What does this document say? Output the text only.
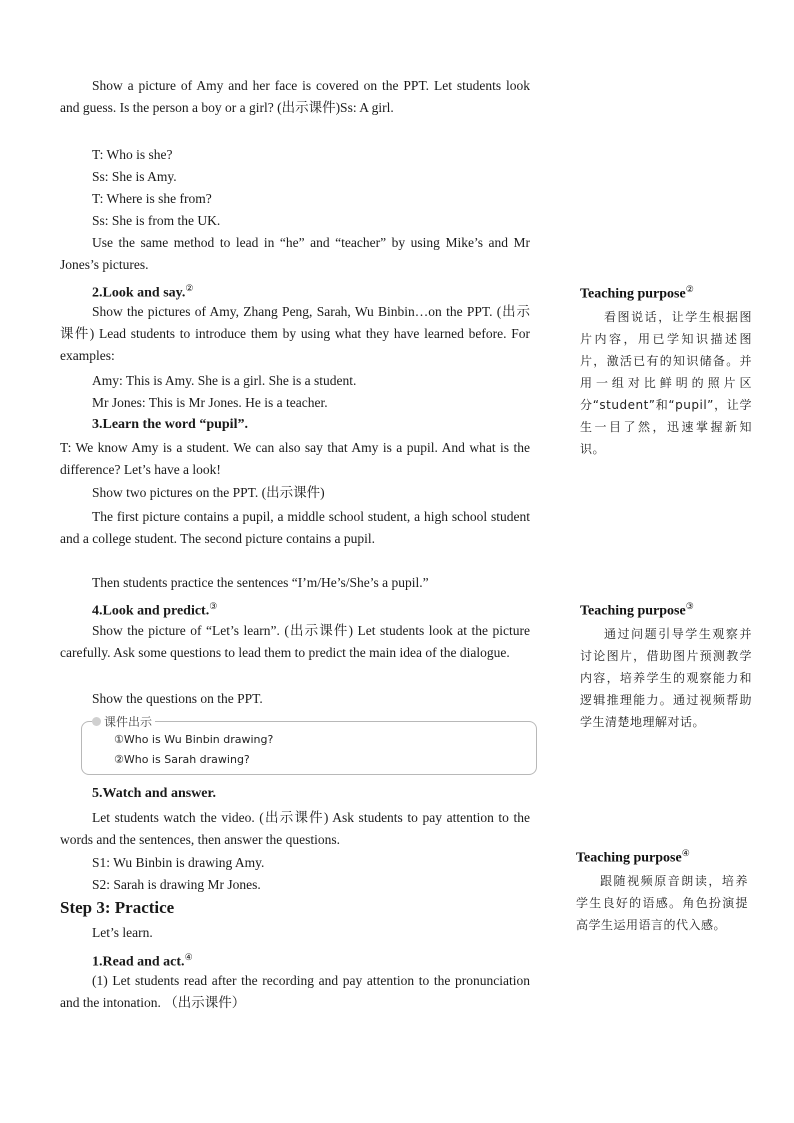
Show a picture of Amy and her face is covered on the PPT. Let students look and guess. Is the person a boy or a girl? (出示课件)Ss: A girl.

T: Who is she?

Ss: She is Amy.

T: Where is she from?

Ss: She is from the UK.

Use the same method to lead in “he” and “teacher” by using Mike’s and Mr Jones’s pictures.

2.Look and say.②

Show the pictures of Amy, Zhang Peng, Sarah, Wu Binbin…on the PPT. (出示课件) Lead students to introduce them by using what they have learned before. For examples:

Amy: This is Amy. She is a girl. She is a student.

Mr Jones: This is Mr Jones. He is a teacher.

3.Learn the word “pupil”.

T: We know Amy is a student. We can also say that Amy is a pupil. And what is the difference? Let’s have a look!

Show two pictures on the PPT. (出示课件)

The first picture contains a pupil, a middle school student, a high school student and a college student. The second picture contains a pupil.

Then students practice the sentences “I’m/He’s/She’s a pupil.”

4.Look and predict.③

Show the picture of “Let’s learn”. (出示课件) Let students look at the picture carefully. Ask some questions to lead them to predict the main idea of the dialogue.

Show the questions on the PPT.

5.Watch and answer.

Let students watch the video. (出示课件) Ask students to pay attention to the words and the sentences, then answer the questions.

S1: Wu Binbin is drawing Amy.

S2: Sarah is drawing Mr Jones.

Step 3: Practice

Let’s learn.

1.Read and act.④

(1) Let students read after the recording and pay attention to the pronunciation and the intonation. （出示课件）

课件出示
①Who is Wu Binbin drawing?
②Who is Sarah drawing?
Teaching purpose②

看图说话，让学生根据图片内容，用已学知识描述图片，激活已有的知识储备。并用一组对比鲜明的照片区分“student”和“pupil”，让学生一目了然，迅速掌握新知识。

Teaching purpose③

通过问题引导学生观察并讨论图片，借助图片预测教学内容，培养学生的观察能力和逻辑推理能力。通过视频帮助学生清楚地理解对话。

Teaching purpose④

跟随视频原音朗读，培养学生良好的语感。角色扮演提高学生运用语言的代入感。
